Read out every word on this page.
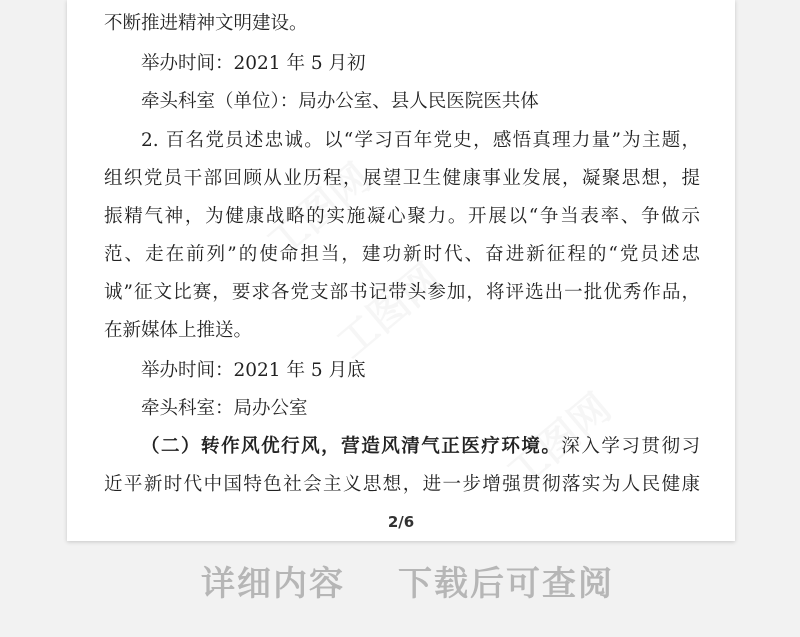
不断推进精神文明建设。
举办时间：2021 年 5 月初
牵头科室（单位）：局办公室、县人民医院医共体
2. 百名党员述忠诚。以“学习百年党史，感悟真理力量”为主题，
组织党员干部回顾从业历程，展望卫生健康事业发展，凝聚思想，提
振精气神，为健康战略的实施凝心聚力。开展以“争当表率、争做示
范、走在前列”的使命担当，建功新时代、奋进新征程的“党员述忠
诚”征文比赛，要求各党支部书记带头参加，将评选出一批优秀作品，
在新媒体上推送。
举办时间：2021 年 5 月底
牵头科室：局办公室
（二）转作风优行风，营造风清气正医疗环境。深入学习贯彻习
近平新时代中国特色社会主义思想，进一步增强贯彻落实为人民健康
2/6
详细内容 下载后可查阅
